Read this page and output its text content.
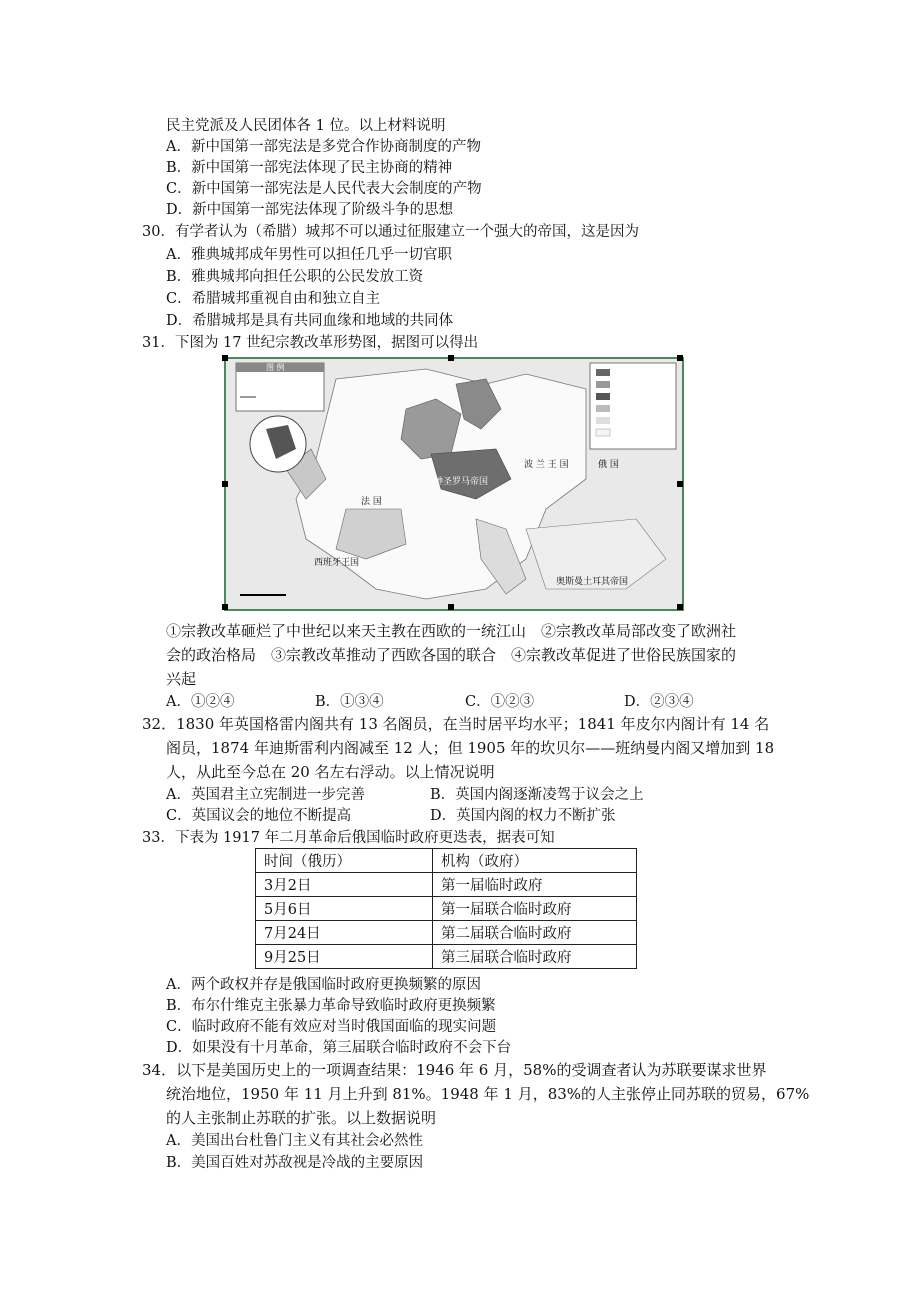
民主党派及人民团体各 1 位。以上材料说明
A．新中国第一部宪法是多党合作协商制度的产物
B．新中国第一部宪法体现了民主协商的精神
C．新中国第一部宪法是人民代表大会制度的产物
D．新中国第一部宪法体现了阶级斗争的思想
30．有学者认为（希腊）城邦不可以通过征服建立一个强大的帝国，这是因为
A．雅典城邦成年男性可以担任几乎一切官职
B．雅典城邦向担任公职的公民发放工资
C．希腊城邦重视自由和独立自主
D．希腊城邦是具有共同血缘和地域的共同体
31．下图为 17 世纪宗教改革形势图，据图可以得出
图 例
法 国
神圣罗马帝国
西班牙王国
奥斯曼土耳其帝国
俄 国
波 兰 王 国
①宗教改革砸烂了中世纪以来天主教在西欧的一统江山　②宗教改革局部改变了欧洲社
会的政治格局　③宗教改革推动了西欧各国的联合　④宗教改革促进了世俗民族国家的
兴起
A．①②④	B．①③④	C．①②③	D．②③④
32．1830 年英国格雷内阁共有 13 名阁员，在当时居平均水平；1841 年皮尔内阁计有 14 名
阁员，1874 年迪斯雷利内阁减至 12 人；但 1905 年的坎贝尔——班纳曼内阁又增加到 18
人，从此至今总在 20 名左右浮动。以上情况说明
A．英国君主立宪制进一步完善	B．英国内阁逐渐凌驾于议会之上
C．英国议会的地位不断提高	D．英国内阁的权力不断扩张
33．下表为 1917 年二月革命后俄国临时政府更迭表，据表可知
时间（俄历）	机构（政府）
3月2日	第一届临时政府
5月6日	第一届联合临时政府
7月24日	第二届联合临时政府
9月25日	第三届联合临时政府
A．两个政权并存是俄国临时政府更换频繁的原因
B．布尔什维克主张暴力革命导致临时政府更换频繁
C．临时政府不能有效应对当时俄国面临的现实问题
D．如果没有十月革命，第三届联合临时政府不会下台
34．以下是美国历史上的一项调查结果：1946 年 6 月，58%的受调查者认为苏联要谋求世界
统治地位，1950 年 11 月上升到 81%。1948 年 1 月，83%的人主张停止同苏联的贸易，67%
的人主张制止苏联的扩张。以上数据说明
A．美国出台杜鲁门主义有其社会必然性
B．美国百姓对苏敌视是冷战的主要原因
